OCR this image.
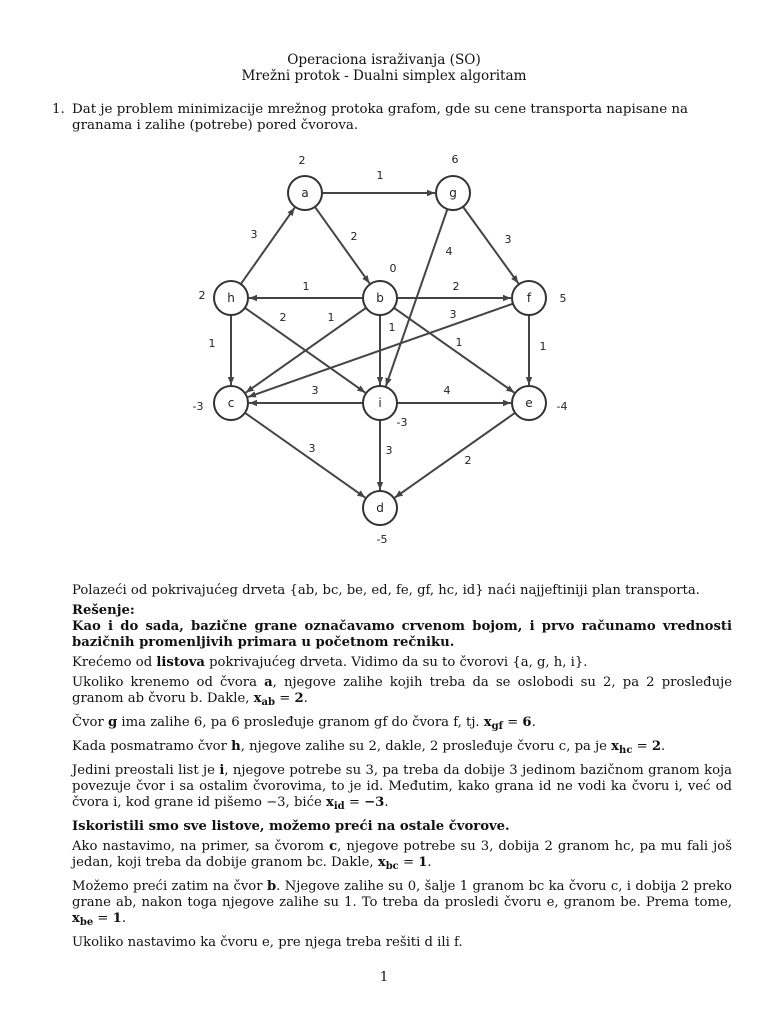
Operaciona israživanja (SO)
Mrežni protok - Dualni simplex algoritam
1. Dat je problem minimizacije mrežnog protoka grafom, gde su cene transporta napisane na granama i zalihe (potrebe) pored čvorova.
1
3	2	3
4
1	2
1
2	1
1
1
3
1
3	4
3
3
2
a
2
g
6
h
2	b
0
f	5
c
-3	i
-3
e -4
d
-5

Polazeći od pokrivajućeg drveta {ab, bc, be, ed, fe, gf, hc, id} naći najjeftiniji plan transporta.

Rešenje:

Kao i do sada, bazične grane označavamo crvenom bojom, i prvo računamo vrednosti bazičnih promenljivih primara u početnom rečniku.

Krećemo od listova pokrivajućeg drveta. Vidimo da su to čvorovi {a, g, h, i}.

Ukoliko krenemo od čvora a, njegove zalihe kojih treba da se oslobodi su 2, pa 2 prosleđuje granom ab čvoru b. Dakle, $x_{ab} = 2$.

Čvor g ima zalihe 6, pa 6 prosleđuje granom gf do čvora f, tj. $x_{gf} = 6$.

Kada posmatramo čvor h, njegove zalihe su 2, dakle, 2 prosleđuje čvoru c, pa je $x_{hc} = 2$.

Jedini preostali list je i, njegove potrebe su 3, pa treba da dobije 3 jedinom bazičnom granom koja povezuje čvor i sa ostalim čvorovima, to je id. Međutim, kako grana id ne vodi ka čvoru i, već od čvora i, kod grane id pišemo −3, biće $x_{id} = -3$.

Iskoristili smo sve listove, možemo preći na ostale čvorove.

Ako nastavimo, na primer, sa čvorom c, njegove potrebe su 3, dobija 2 granom hc, pa mu fali još jedan, koji treba da dobije granom bc. Dakle, $x_{bc} = 1$.

Možemo preći zatim na čvor b. Njegove zalihe su 0, šalje 1 granom bc ka čvoru c, i dobija 2 preko grane ab, nakon toga njegove zalihe su 1. To treba da prosledi čvoru e, granom be. Prema tome, $x_{be} = 1$.

Ukoliko nastavimo ka čvoru e, pre njega treba rešiti d ili f.

1
